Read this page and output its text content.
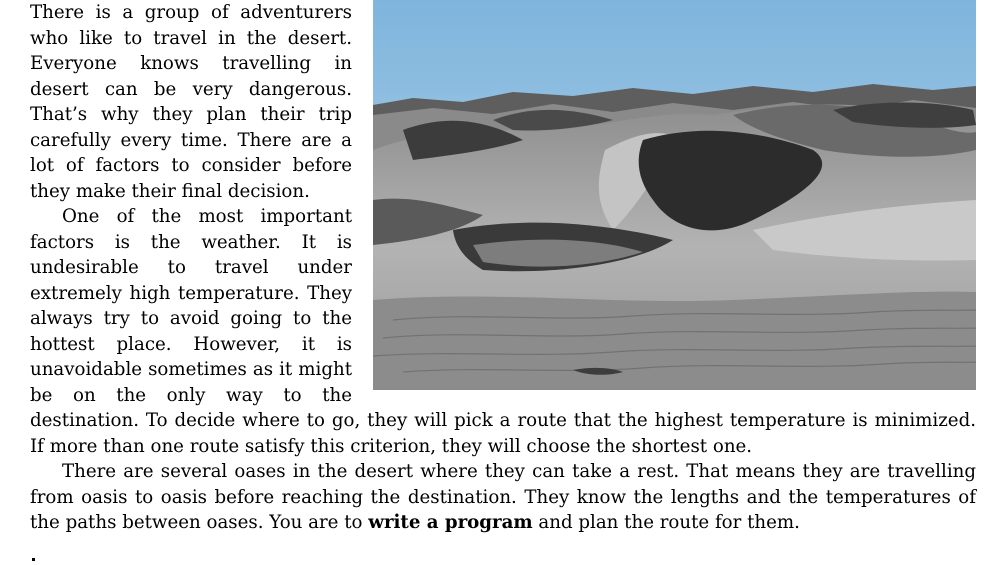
There is a group of adventurers who like to travel in the desert. Everyone knows travelling in desert can be very dangerous. That’s why they plan their trip carefully every time. There are a lot of factors to consider before they make their final decision.

One of the most important factors is the weather. It is undesirable to travel under extremely high temperature. They always try to avoid going to the hottest place. However, it is unavoidable sometimes as it might be on the only way to the destination. To decide where to go, they will pick a route that the highest temperature is minimized. If more than one route satisfy this criterion, they will choose the shortest one.

There are several oases in the desert where they can take a rest. That means they are travelling from oasis to oasis before reaching the destination. They know the lengths and the temperatures of the paths between oases. You are to write a program and plan the route for them.
